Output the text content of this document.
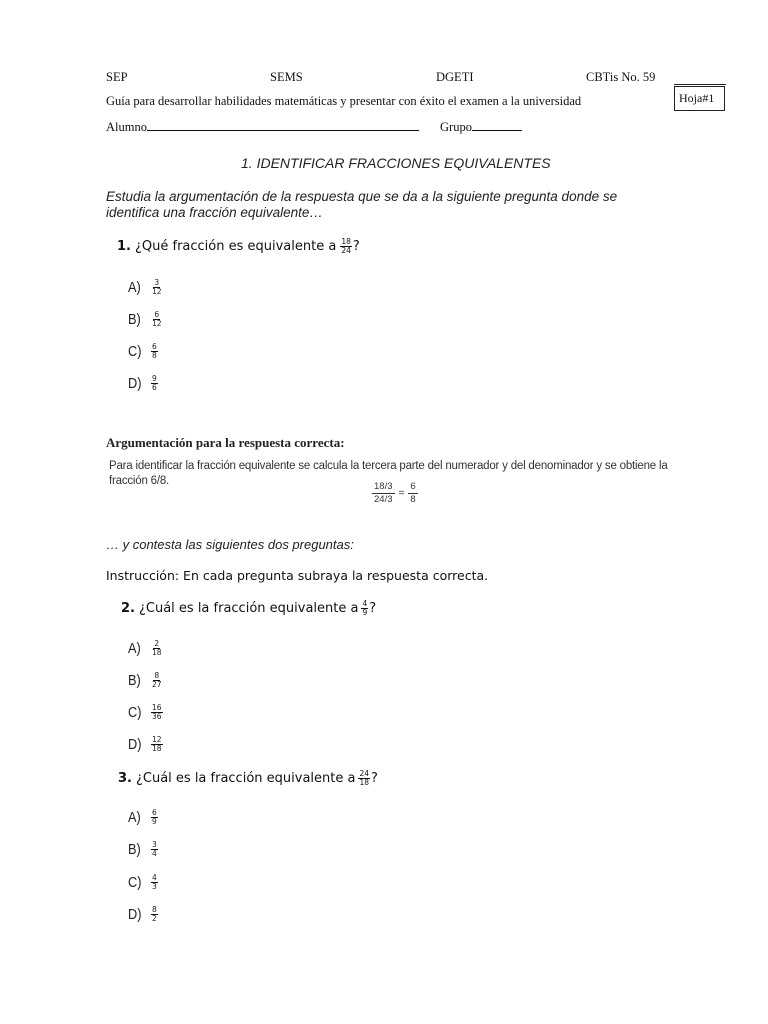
SEP	SEMS	DGETI	CBTis No. 59
Guía para desarrollar habilidades matemáticas y presentar con éxito el examen a la universidad	Hoja#1
Alumno	Grupo
1. IDENTIFICAR FRACCIONES EQUIVALENTES
Estudia la argumentación de la respuesta que se da a la siguiente pregunta donde se
identifica una fracción equivalente…
1. ¿Qué fracción es equivalente a $\frac{18}{24}$ ?
A)	$\frac{3}{12}$
B)	$\frac{6}{12}$
C)	$\frac{6}{8}$
D)	$\frac{9}{6}$
Argumentación para la respuesta correcta:
Para identificar la fracción equivalente se calcula la tercera parte del numerador y del denominador y se obtiene la fracción 6/8.	$\frac{18/3}{24/3} = \frac{6}{8}$
… y contesta las siguientes dos preguntas:
Instrucción: En cada pregunta subraya la respuesta correcta.
2. ¿Cuál es la fracción equivalente a $\frac{4}{9}$ ?
A)	$\frac{2}{18}$
B)	$\frac{8}{27}$
C)	$\frac{16}{36}$
D)	$\frac{12}{18}$
3. ¿Cuál es la fracción equivalente a $\frac{24}{18}$ ?
A)	$\frac{6}{9}$
B)	$\frac{3}{4}$
C)	$\frac{4}{3}$
D)	$\frac{8}{2}$
